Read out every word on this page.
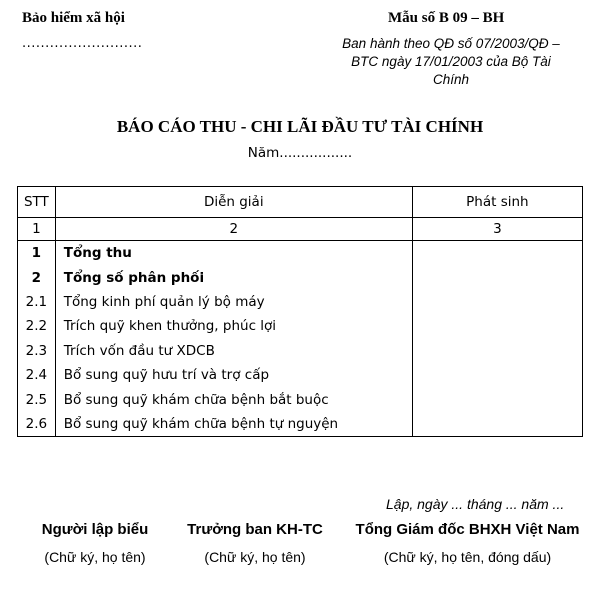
Bảo hiểm xã hội
..........................
Mẫu số B 09 – BH
Ban hành theo QĐ số 07/2003/QĐ –
BTC ngày 17/01/2003 của Bộ Tài
Chính
BÁO CÁO THU - CHI LÃI ĐẦU TƯ TÀI CHÍNH
Năm.................
STT	Diễn giải	Phát sinh
1	2	3
1	Tổng thu	
2	Tổng số phân phối	
2.1	Tổng kinh phí quản lý bộ máy	
2.2	Trích quỹ khen thưởng, phúc lợi	
2.3	Trích vốn đầu tư XDCB	
2.4	Bổ sung quỹ hưu trí và trợ cấp	
2.5	Bổ sung quỹ khám chữa bệnh bắt buộc	
2.6	Bổ sung quỹ khám chữa bệnh tự nguyện	
Lập, ngày ... tháng ... năm ...
Người lập biểu
(Chữ ký, họ tên)
Trưởng ban KH-TC
(Chữ ký, họ tên)
Tổng Giám đốc BHXH Việt Nam
(Chữ ký, họ tên, đóng dấu)
